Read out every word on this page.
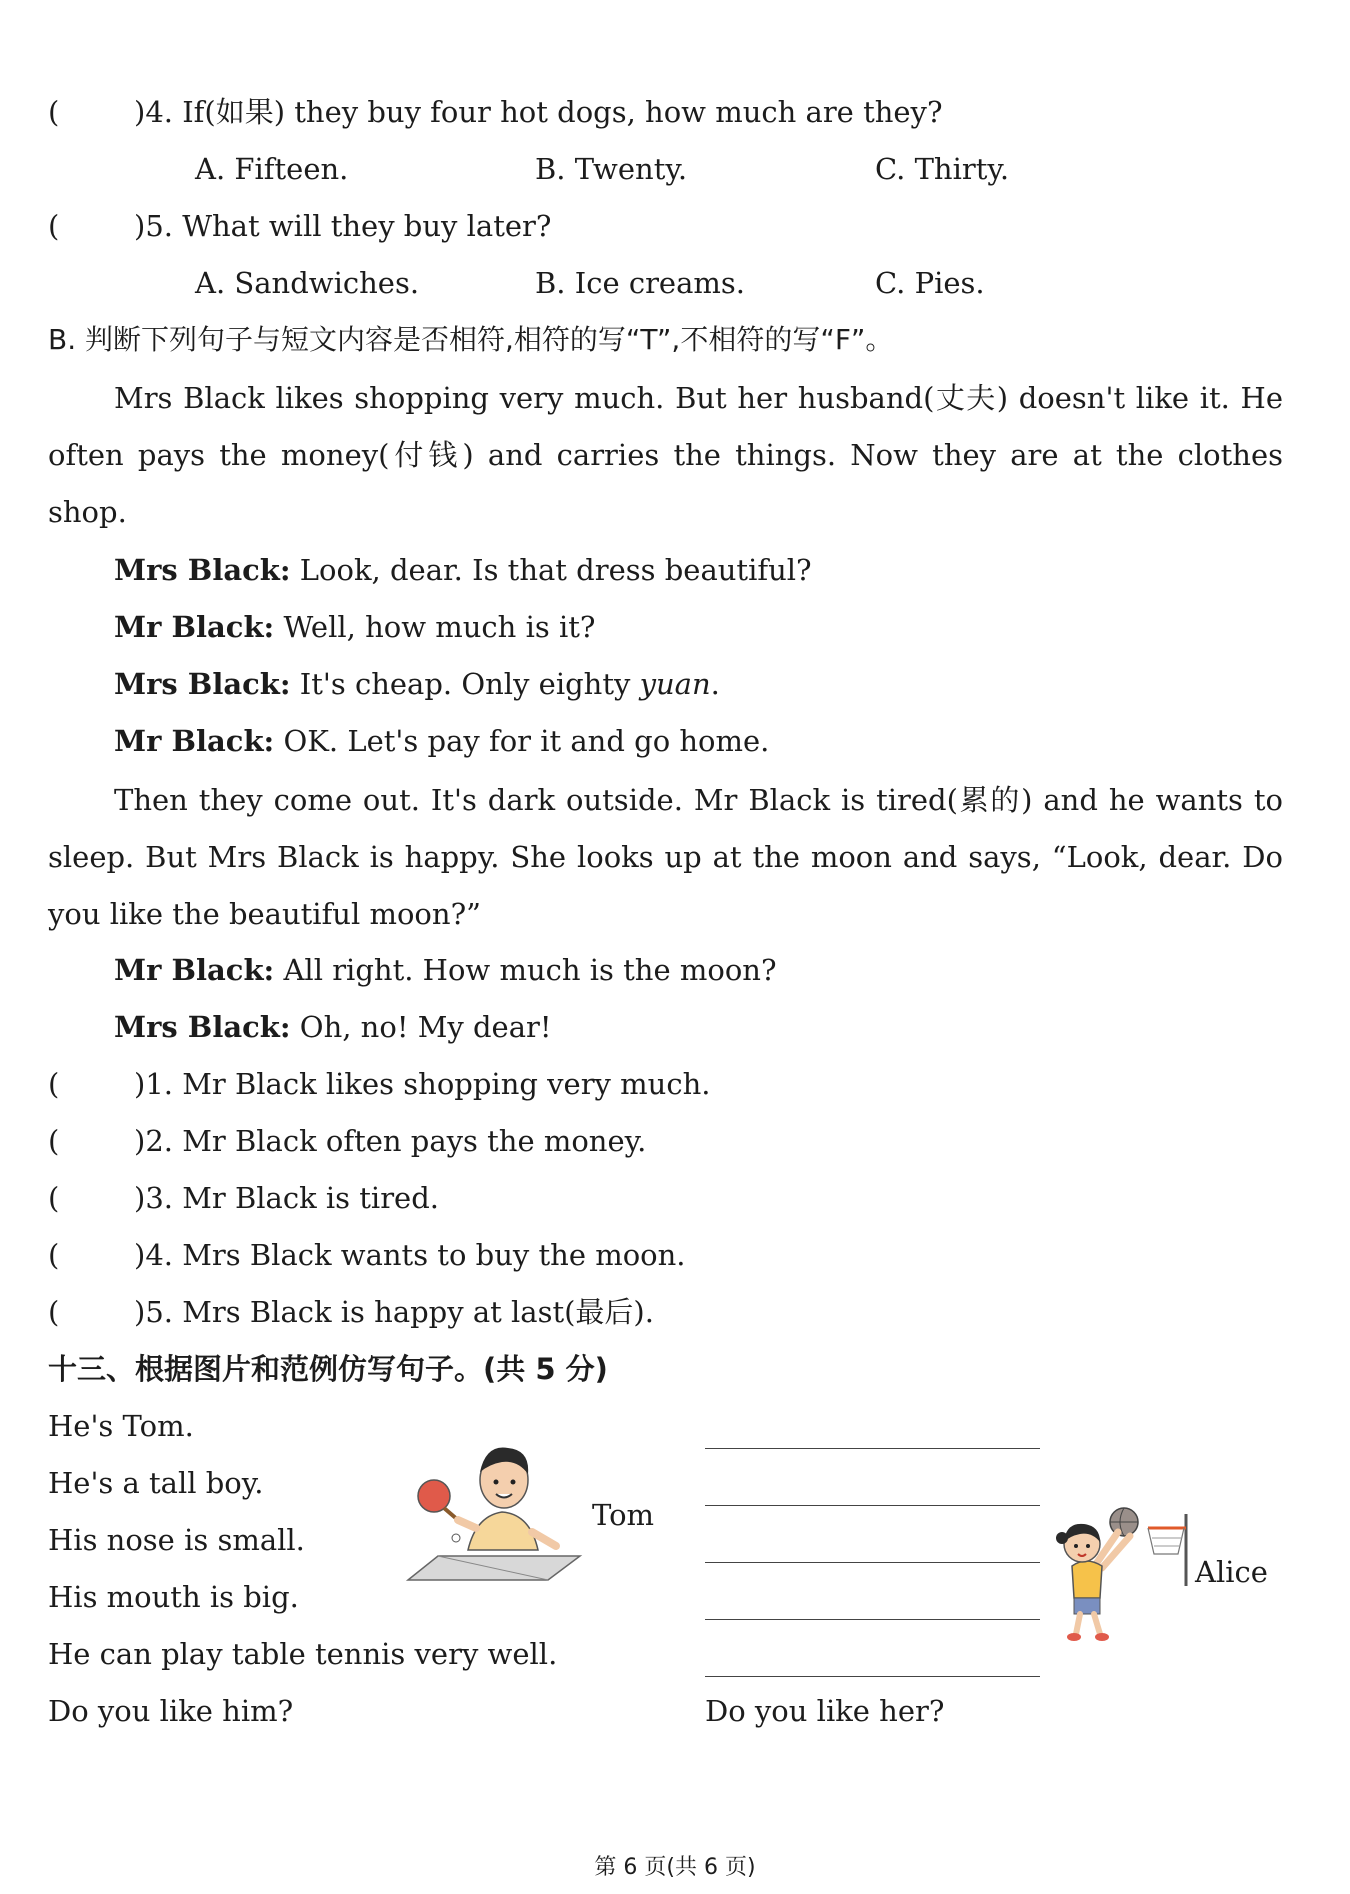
(	)4. If(如果) they buy four hot dogs, how much are they?
A. Fifteen.	B. Twenty.	C. Thirty.
(	)5. What will they buy later?
A. Sandwiches.	B. Ice creams.	C. Pies.
B. 判断下列句子与短文内容是否相符,相符的写“T”,不相符的写“F”。
Mrs Black likes shopping very much. But her husband(丈夫) doesn't like it. He often pays the money(付钱) and carries the things. Now they are at the clothes shop.
Mrs Black: Look, dear. Is that dress beautiful?
Mr Black: Well, how much is it?
Mrs Black: It's cheap. Only eighty yuan.
Mr Black: OK. Let's pay for it and go home.
Then they come out. It's dark outside. Mr Black is tired(累的) and he wants to sleep. But Mrs Black is happy. She looks up at the moon and says, “Look, dear. Do you like the beautiful moon?”
Mr Black: All right. How much is the moon?
Mrs Black: Oh, no! My dear!
(	)1. Mr Black likes shopping very much.
(	)2. Mr Black often pays the money.
(	)3. Mr Black is tired.
(	)4. Mrs Black wants to buy the moon.
(	)5. Mrs Black is happy at last(最后).
十三、根据图片和范例仿写句子。(共 5 分)
He's Tom.
He's a tall boy.
His nose is small.
His mouth is big.
He can play table tennis very well.
Do you like him?
Tom
Alice
Do you like her?
第 6 页(共 6 页)
